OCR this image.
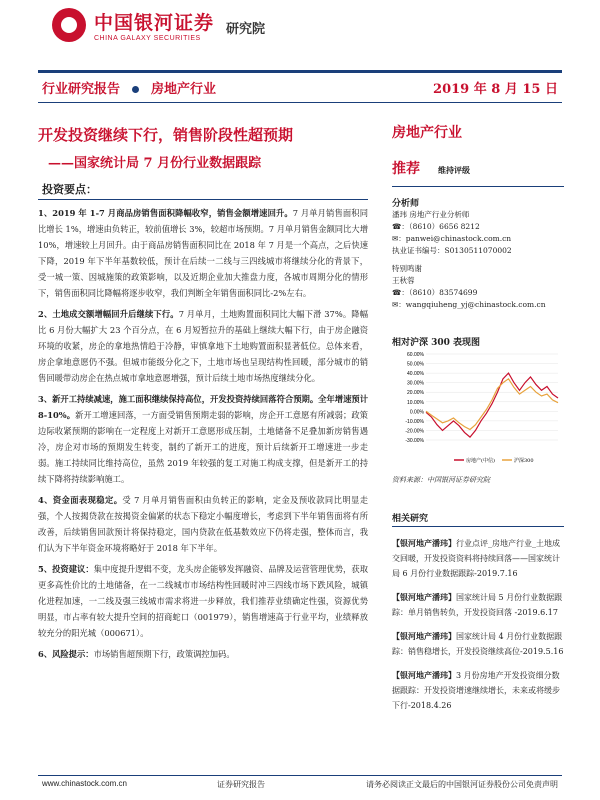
中国银河证券
CHINA GALAXY SECURITIES
研究院
行业研究报告 房地产行业	2019 年 8 月 15 日
开发投资继续下行，销售阶段性超预期
——国家统计局 7 月份行业数据跟踪
投资要点：
1、2019 年 1-7 月商品房销售面积降幅收窄，销售金额增速回升。7 月单月销售面积同比增长 1%，增速由负转正，较前值增长 3%，较超市场预期。7 月单月销售金额同比大增 10%，增速较上月回升。由于商品房销售面积同比在 2018 年 7 月是一个高点，之后快速下降，2019 年下半年基数较低，预计在后续一二线与三四线城市将继续分化的背景下，受一城一策、因城施策的政策影响，以及近期企业加大推盘力度，各城市周期分化的情形下，销售面积同比降幅将逐步收窄，我们判断全年销售面积同比-2%左右。
2、土地成交额增幅回升后继续下行。7 月单月，土地购置面积同比大幅下滑 37%。降幅比 6 月份大幅扩大 23 个百分点，在 6 月短暂拉升的基础上继续大幅下行，由于房企融资环境的收紧，房企的拿地热情趋于冷静，审慎拿地下土地购置面积显著低位。总体来看，房企拿地意愿仍不强。但城市能级分化之下，土地市场也呈现结构性回暖，部分城市的销售回暖带动房企在热点城市拿地意愿增强，预计后续土地市场热度继续分化。
3、新开工持续减速，施工面积继续保持高位，开发投资持续回落符合预期。全年增速预计 8-10%。新开工增速回落，一方面受销售预期走弱的影响，房企开工意愿有所减弱；政策边际收紧预期的影响在一定程度上对新开工意愿形成压制，土地储备不足叠加新房销售遇冷，房企对市场的预期发生转变，制约了新开工的进度，预计后续新开工增速进一步走弱。施工持续同比维持高位，虽然 2019 年较强的复工对施工构成支撑，但是新开工的持续下降将持续影响施工。
4、资金面表现稳定。受 7 月单月销售面积由负转正的影响，定金及预收款同比明显走强，个人按揭贷款在按揭资金偏紧的状态下稳定小幅度增长，考虑到下半年销售面将有所改善，后续销售回款预计将保持稳定，国内贷款在低基数效应下仍将走强，整体而言，我们认为下半年资金环境将略好于 2018 年下半年。
5、投资建议：集中度提升逻辑不变，龙头房企能够发挥融资、品牌及运营管理优势，获取更多高性价比的土地储备，在一二线城市市场结构性回暖时冲三四线市场下跌风险，城镇化进程加速，一二线及强三线城市需求将进一步释放，我们推荐业绩确定性强，资源优势明显，市占率有较大提升空间的招商蛇口（001979），销售增速高于行业平均，业绩释放较充分的阳光城（000671）。
6、风险提示：市场销售超预期下行，政策调控加码。
房地产行业
推荐 维持评级
分析师
潘玮 房地产行业分析师
☎：（8610）6656 8212
✉：panwei@chinastock.com.cn
执业证书编号：S0130511070002
特别鸣谢
王秋蓉
☎：（8610）83574699
✉：wangqiuheng_yj@chinastock.com.cn
相对沪深 300 表现图
60.00%
50.00%
40.00%
30.00%
20.00%
10.00%
0.00%
-10.00%
-20.00%
-30.00%
房地产(中信)	沪深300
资料来源：中国银河证券研究院
相关研究
【银河地产潘玮】行业点评_房地产行业_土地成交回暖，开发投资资料将持续回落——国家统计局 6 月份行业数据跟踪-2019.7.16
【银河地产潘玮】国家统计局 5 月份行业数据跟踪：单月销售转负，开发投资回落 -2019.6.17
【银河地产潘玮】国家统计局 4 月份行业数据跟踪：销售稳增长，开发投资继续高位-2019.5.16
【银河地产潘玮】3 月份房地产开发投资细分数据跟踪：开发投资增速继续增长，未来或将缓步下行-2018.4.26
www.chinastock.com.cn	证券研究报告	请务必阅读正文最后的中国银河证券股份公司免责声明
